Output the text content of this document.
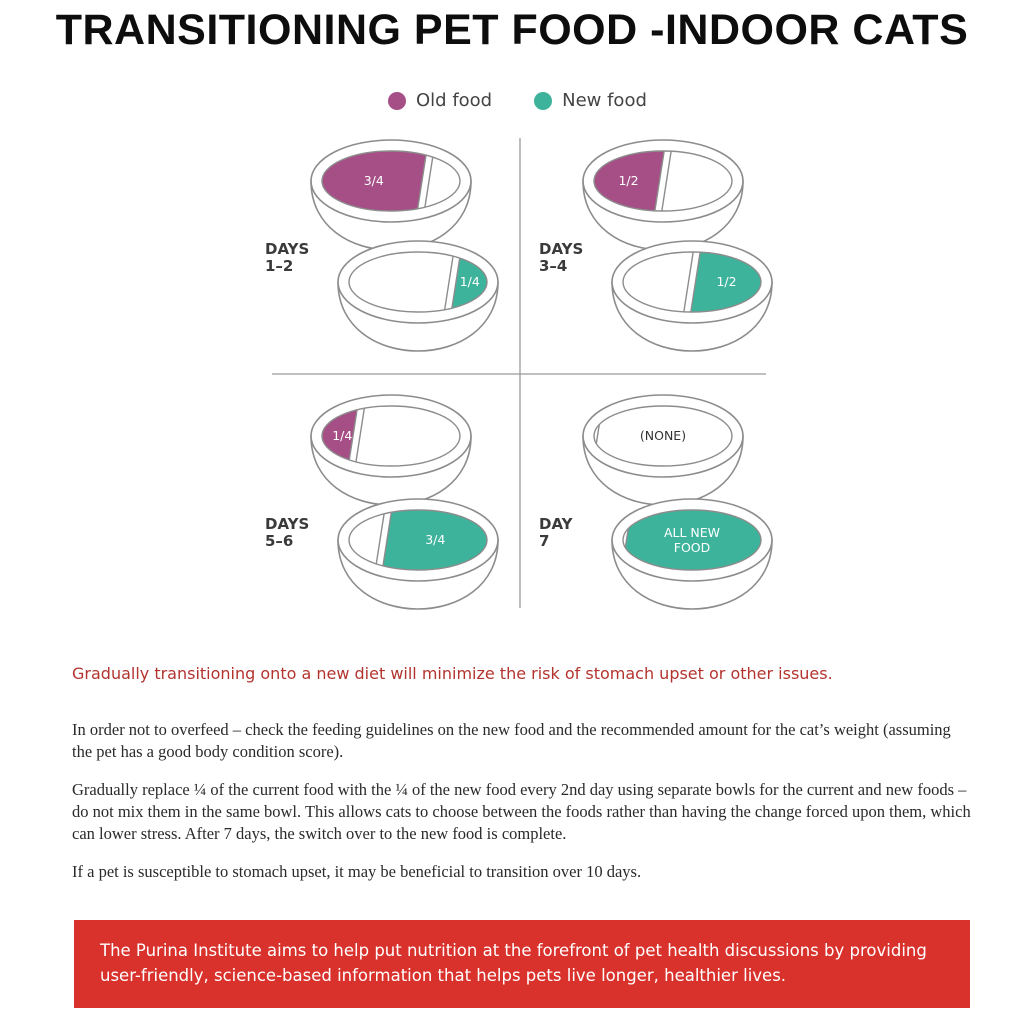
TRANSITIONING PET FOOD -INDOOR CATS
Old food	New food
3/4
1/4
1/2
1/2
1/4
3/4
(NONE)
ALL NEW FOOD
DAYS
1–2
DAYS
3–4
DAYS
5–6
DAY
7
Gradually transitioning onto a new diet will minimize the risk of stomach upset or other issues.
In order not to overfeed – check the feeding guidelines on the new food and the recommended amount for the cat’s weight (assuming the pet has a good body condition score).
Gradually replace ¼ of the current food with the ¼ of the new food every 2nd day using separate bowls for the current and new foods – do not mix them in the same bowl. This allows cats to choose between the foods rather than having the change forced upon them, which can lower stress. After 7 days, the switch over to the new food is complete.
If a pet is susceptible to stomach upset, it may be beneficial to transition over 10 days.
The Purina Institute aims to help put nutrition at the forefront of pet health discussions by providing user-friendly, science-based information that helps pets live longer, healthier lives.
